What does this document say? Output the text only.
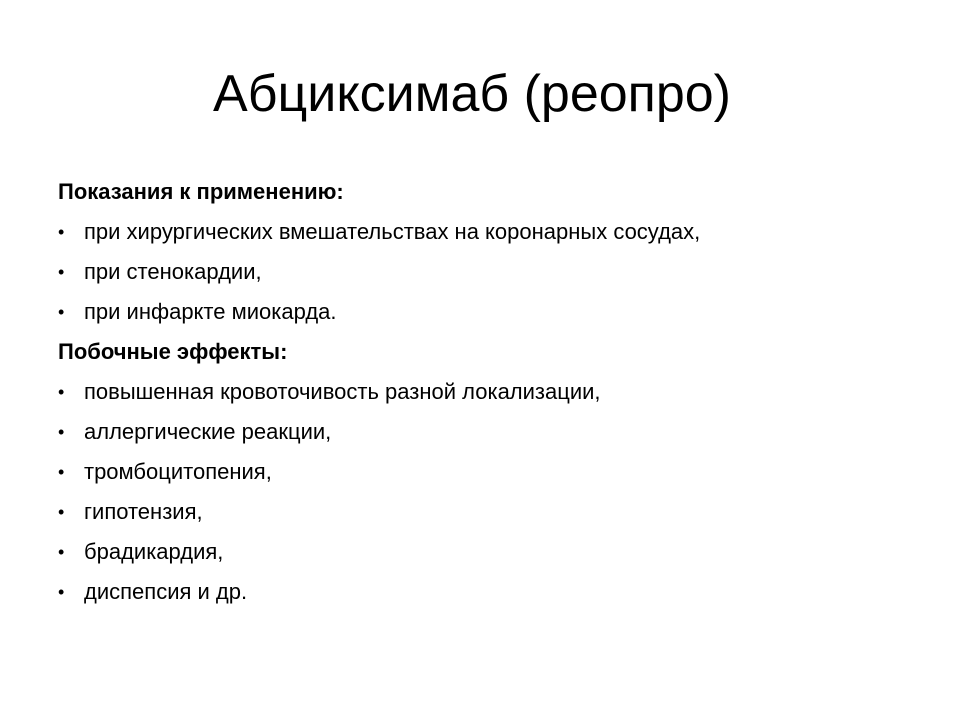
Абциксимаб (реопро)
Показания к применению:
• при хирургических вмешательствах на коронарных сосудах,
• при стенокардии,
• при инфаркте миокарда.
Побочные эффекты:
• повышенная кровоточивость разной локализации,
• аллергические реакции,
• тромбоцитопения,
• гипотензия,
• брадикардия,
• диспепсия и др.
